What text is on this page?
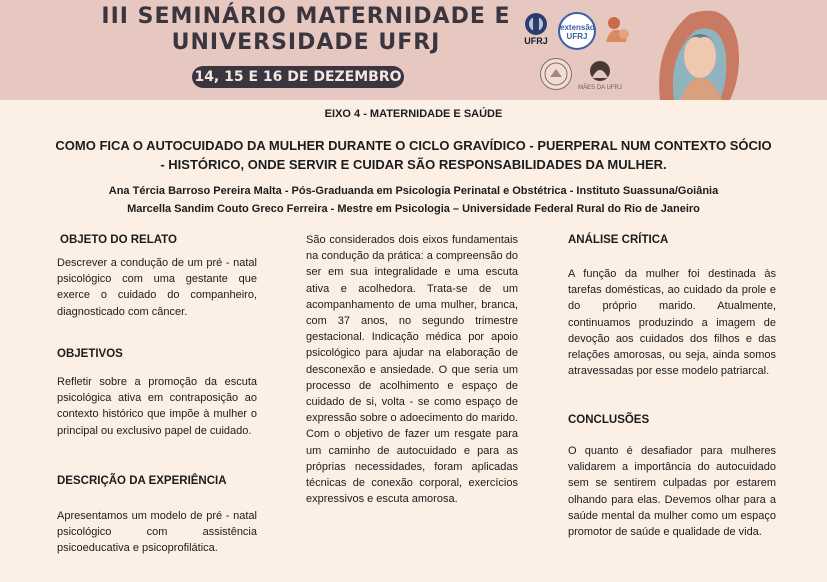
III SEMINÁRIO MATERNIDADE E
UNIVERSIDADE UFRJ
14, 15 E 16 DE DEZEMBRO
UFRJ
extensão
UFRJ
MÃES DA UFRJ
EIXO 4 - MATERNIDADE E SAÚDE
COMO FICA O AUTOCUIDADO DA MULHER DURANTE O CICLO GRAVÍDICO - PUERPERAL NUM CONTEXTO SÓCIO
- HISTÓRICO, ONDE SERVIR E CUIDAR SÃO RESPONSABILIDADES DA MULHER.
Ana Tércia Barroso Pereira Malta - Pós-Graduanda em Psicologia Perinatal e Obstétrica - Instituto Suassuna/Goiânia
Marcella Sandim Couto Greco Ferreira - Mestre em Psicologia – Universidade Federal Rural do Rio de Janeiro
OBJETO DO RELATO
Descrever a condução de um pré - natal psicológico com uma gestante que exerce o cuidado do companheiro, diagnosticado com câncer.
OBJETIVOS
Refletir sobre a promoção da escuta psicológica ativa em contraposição ao contexto histórico que impõe à mulher o principal ou exclusivo papel de cuidado.
DESCRIÇÃO DA EXPERIÊNCIA
Apresentamos um modelo de pré - natal psicológico com assistência psicoeducativa e psicoprofilática.
São considerados dois eixos fundamentais na condução da prática: a compreensão do ser em sua integralidade e uma escuta ativa e acolhedora. Trata-se de um acompanhamento de uma mulher, branca, com 37 anos, no segundo trimestre gestacional. Indicação médica por apoio psicológico para ajudar na elaboração de desconexão e ansiedade. O que seria um processo de acolhimento e espaço de cuidado de si, volta - se como espaço de expressão sobre o adoecimento do marido. Com o objetivo de fazer um resgate para um caminho de autocuidado e para as próprias necessidades, foram aplicadas técnicas de conexão corporal, exercícios expressivos e escuta amorosa.
ANÁLISE CRÍTICA
A função da mulher foi destinada às tarefas domésticas, ao cuidado da prole e do próprio marido. Atualmente, continuamos produzindo a imagem de devoção aos cuidados dos filhos e das relações amorosas, ou seja, ainda somos atravessadas por esse modelo patriarcal.
CONCLUSÕES
O quanto é desafiador para mulheres validarem a importância do autocuidado sem se sentirem culpadas por estarem olhando para elas. Devemos olhar para a saúde mental da mulher como um espaço promotor de saúde e qualidade de vida.
